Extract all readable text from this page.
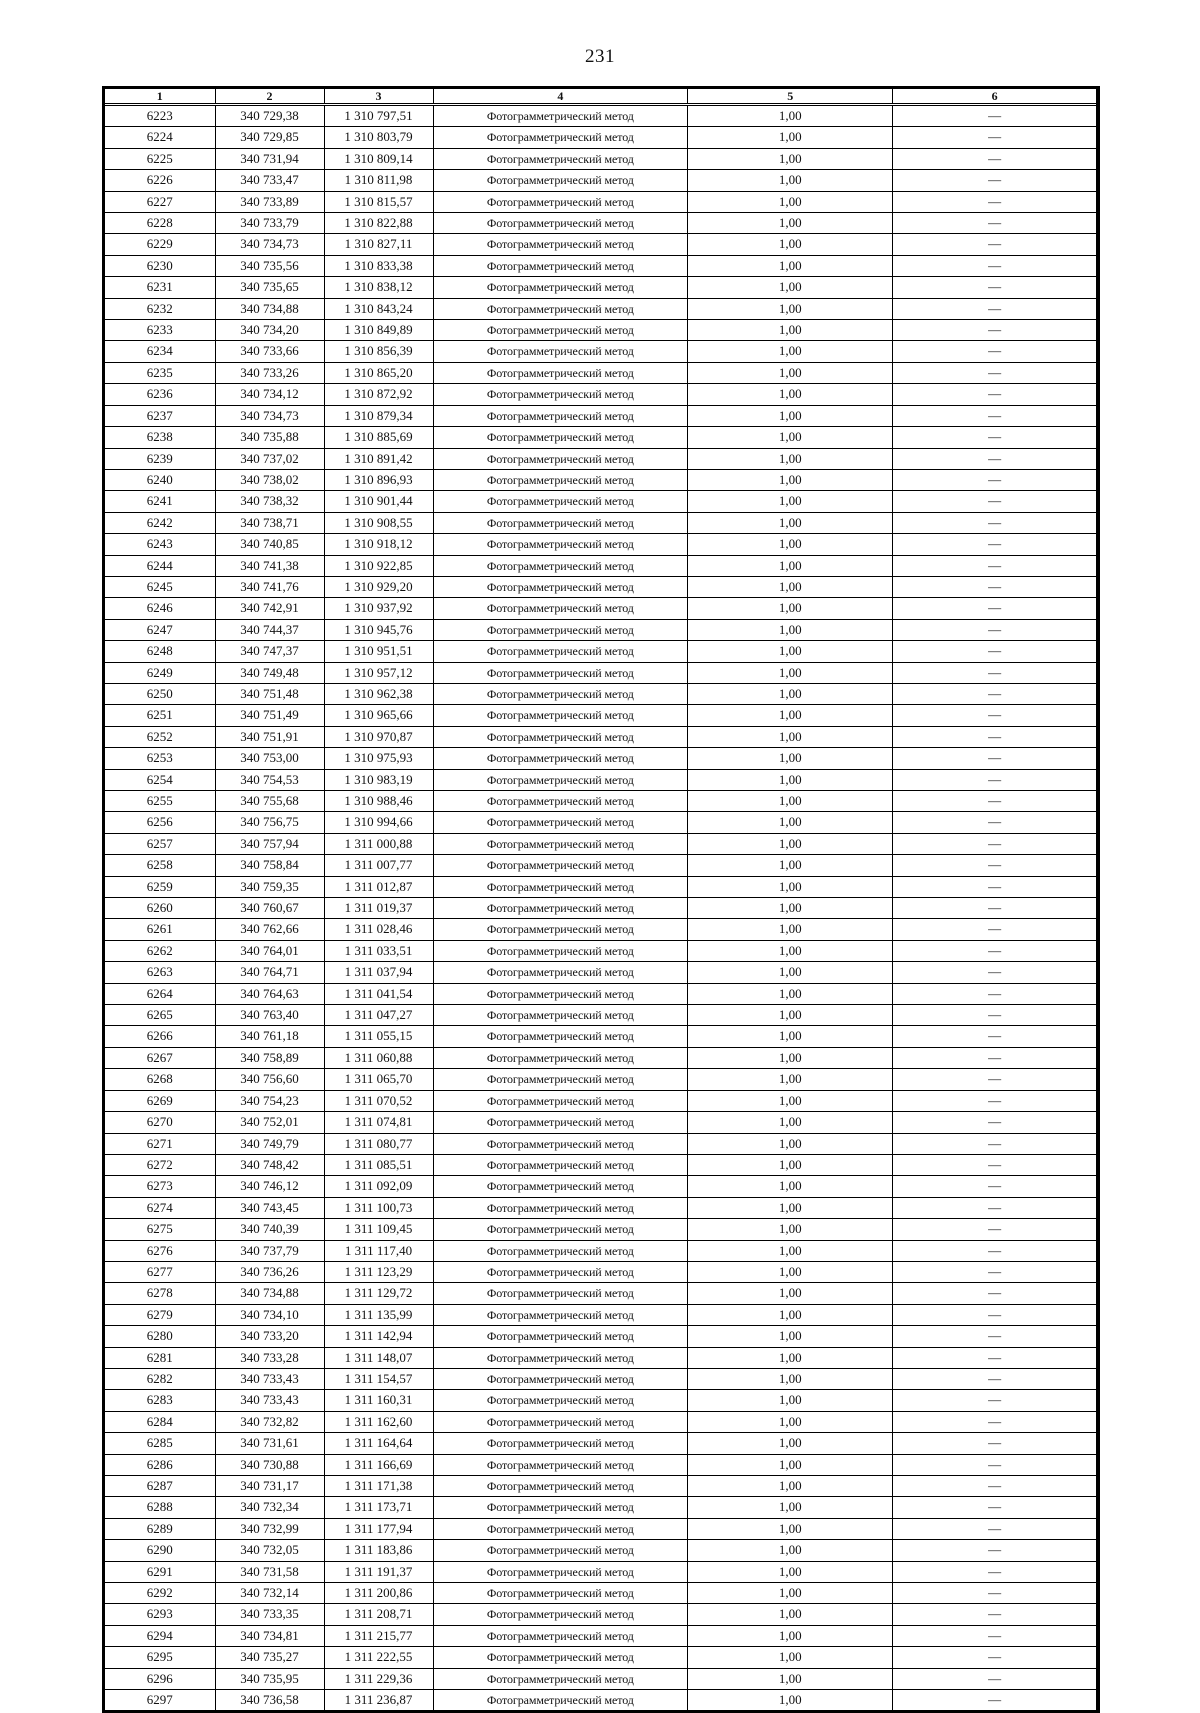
231
1	2	3	4	5	6
6223	340 729,38	1 310 797,51	Фотограмметрический метод	1,00	—
6224	340 729,85	1 310 803,79	Фотограмметрический метод	1,00	—
6225	340 731,94	1 310 809,14	Фотограмметрический метод	1,00	—
6226	340 733,47	1 310 811,98	Фотограмметрический метод	1,00	—
6227	340 733,89	1 310 815,57	Фотограмметрический метод	1,00	—
6228	340 733,79	1 310 822,88	Фотограмметрический метод	1,00	—
6229	340 734,73	1 310 827,11	Фотограмметрический метод	1,00	—
6230	340 735,56	1 310 833,38	Фотограмметрический метод	1,00	—
6231	340 735,65	1 310 838,12	Фотограмметрический метод	1,00	—
6232	340 734,88	1 310 843,24	Фотограмметрический метод	1,00	—
6233	340 734,20	1 310 849,89	Фотограмметрический метод	1,00	—
6234	340 733,66	1 310 856,39	Фотограмметрический метод	1,00	—
6235	340 733,26	1 310 865,20	Фотограмметрический метод	1,00	—
6236	340 734,12	1 310 872,92	Фотограмметрический метод	1,00	—
6237	340 734,73	1 310 879,34	Фотограмметрический метод	1,00	—
6238	340 735,88	1 310 885,69	Фотограмметрический метод	1,00	—
6239	340 737,02	1 310 891,42	Фотограмметрический метод	1,00	—
6240	340 738,02	1 310 896,93	Фотограмметрический метод	1,00	—
6241	340 738,32	1 310 901,44	Фотограмметрический метод	1,00	—
6242	340 738,71	1 310 908,55	Фотограмметрический метод	1,00	—
6243	340 740,85	1 310 918,12	Фотограмметрический метод	1,00	—
6244	340 741,38	1 310 922,85	Фотограмметрический метод	1,00	—
6245	340 741,76	1 310 929,20	Фотограмметрический метод	1,00	—
6246	340 742,91	1 310 937,92	Фотограмметрический метод	1,00	—
6247	340 744,37	1 310 945,76	Фотограмметрический метод	1,00	—
6248	340 747,37	1 310 951,51	Фотограмметрический метод	1,00	—
6249	340 749,48	1 310 957,12	Фотограмметрический метод	1,00	—
6250	340 751,48	1 310 962,38	Фотограмметрический метод	1,00	—
6251	340 751,49	1 310 965,66	Фотограмметрический метод	1,00	—
6252	340 751,91	1 310 970,87	Фотограмметрический метод	1,00	—
6253	340 753,00	1 310 975,93	Фотограмметрический метод	1,00	—
6254	340 754,53	1 310 983,19	Фотограмметрический метод	1,00	—
6255	340 755,68	1 310 988,46	Фотограмметрический метод	1,00	—
6256	340 756,75	1 310 994,66	Фотограмметрический метод	1,00	—
6257	340 757,94	1 311 000,88	Фотограмметрический метод	1,00	—
6258	340 758,84	1 311 007,77	Фотограмметрический метод	1,00	—
6259	340 759,35	1 311 012,87	Фотограмметрический метод	1,00	—
6260	340 760,67	1 311 019,37	Фотограмметрический метод	1,00	—
6261	340 762,66	1 311 028,46	Фотограмметрический метод	1,00	—
6262	340 764,01	1 311 033,51	Фотограмметрический метод	1,00	—
6263	340 764,71	1 311 037,94	Фотограмметрический метод	1,00	—
6264	340 764,63	1 311 041,54	Фотограмметрический метод	1,00	—
6265	340 763,40	1 311 047,27	Фотограмметрический метод	1,00	—
6266	340 761,18	1 311 055,15	Фотограмметрический метод	1,00	—
6267	340 758,89	1 311 060,88	Фотограмметрический метод	1,00	—
6268	340 756,60	1 311 065,70	Фотограмметрический метод	1,00	—
6269	340 754,23	1 311 070,52	Фотограмметрический метод	1,00	—
6270	340 752,01	1 311 074,81	Фотограмметрический метод	1,00	—
6271	340 749,79	1 311 080,77	Фотограмметрический метод	1,00	—
6272	340 748,42	1 311 085,51	Фотограмметрический метод	1,00	—
6273	340 746,12	1 311 092,09	Фотограмметрический метод	1,00	—
6274	340 743,45	1 311 100,73	Фотограмметрический метод	1,00	—
6275	340 740,39	1 311 109,45	Фотограмметрический метод	1,00	—
6276	340 737,79	1 311 117,40	Фотограмметрический метод	1,00	—
6277	340 736,26	1 311 123,29	Фотограмметрический метод	1,00	—
6278	340 734,88	1 311 129,72	Фотограмметрический метод	1,00	—
6279	340 734,10	1 311 135,99	Фотограмметрический метод	1,00	—
6280	340 733,20	1 311 142,94	Фотограмметрический метод	1,00	—
6281	340 733,28	1 311 148,07	Фотограмметрический метод	1,00	—
6282	340 733,43	1 311 154,57	Фотограмметрический метод	1,00	—
6283	340 733,43	1 311 160,31	Фотограмметрический метод	1,00	—
6284	340 732,82	1 311 162,60	Фотограмметрический метод	1,00	—
6285	340 731,61	1 311 164,64	Фотограмметрический метод	1,00	—
6286	340 730,88	1 311 166,69	Фотограмметрический метод	1,00	—
6287	340 731,17	1 311 171,38	Фотограмметрический метод	1,00	—
6288	340 732,34	1 311 173,71	Фотограмметрический метод	1,00	—
6289	340 732,99	1 311 177,94	Фотограмметрический метод	1,00	—
6290	340 732,05	1 311 183,86	Фотограмметрический метод	1,00	—
6291	340 731,58	1 311 191,37	Фотограмметрический метод	1,00	—
6292	340 732,14	1 311 200,86	Фотограмметрический метод	1,00	—
6293	340 733,35	1 311 208,71	Фотограмметрический метод	1,00	—
6294	340 734,81	1 311 215,77	Фотограмметрический метод	1,00	—
6295	340 735,27	1 311 222,55	Фотограмметрический метод	1,00	—
6296	340 735,95	1 311 229,36	Фотограмметрический метод	1,00	—
6297	340 736,58	1 311 236,87	Фотограмметрический метод	1,00	—
